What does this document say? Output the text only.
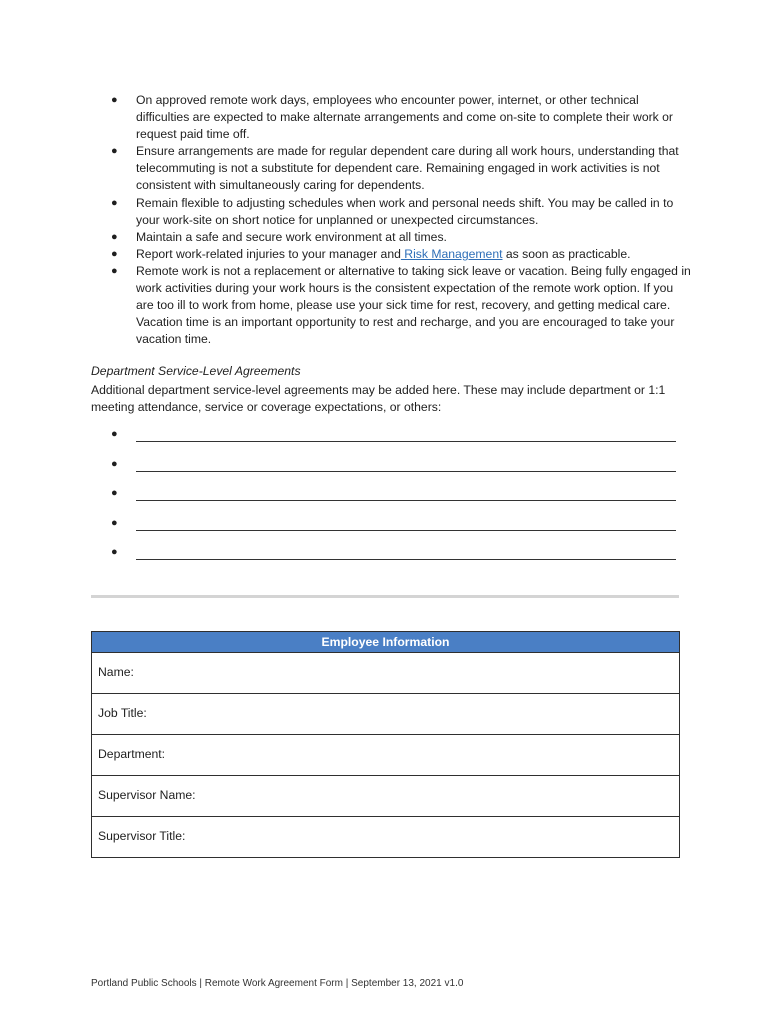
● On approved remote work days, employees who encounter power, internet, or other technical difficulties are expected to make alternate arrangements and come on-site to complete their work or request paid time off.
● Ensure arrangements are made for regular dependent care during all work hours, understanding that telecommuting is not a substitute for dependent care. Remaining engaged in work activities is not consistent with simultaneously caring for dependents.
● Remain flexible to adjusting schedules when work and personal needs shift. You may be called in to your work-site on short notice for unplanned or unexpected circumstances.
● Maintain a safe and secure work environment at all times.
● Report work-related injuries to your manager and Risk Management as soon as practicable.
● Remote work is not a replacement or alternative to taking sick leave or vacation. Being fully engaged in work activities during your work hours is the consistent expectation of the remote work option. If you are too ill to work from home, please use your sick time for rest, recovery, and getting medical care. Vacation time is an important opportunity to rest and recharge, and you are encouraged to take your vacation time.
Department Service-Level Agreements
Additional department service-level agreements may be added here. These may include department or 1:1 meeting attendance, service or coverage expectations, or others:
●
●
●
●
●
Employee Information
Name:
Job Title:
Department:
Supervisor Name:
Supervisor Title:
Portland Public Schools | Remote Work Agreement Form | September 13, 2021 v1.0
